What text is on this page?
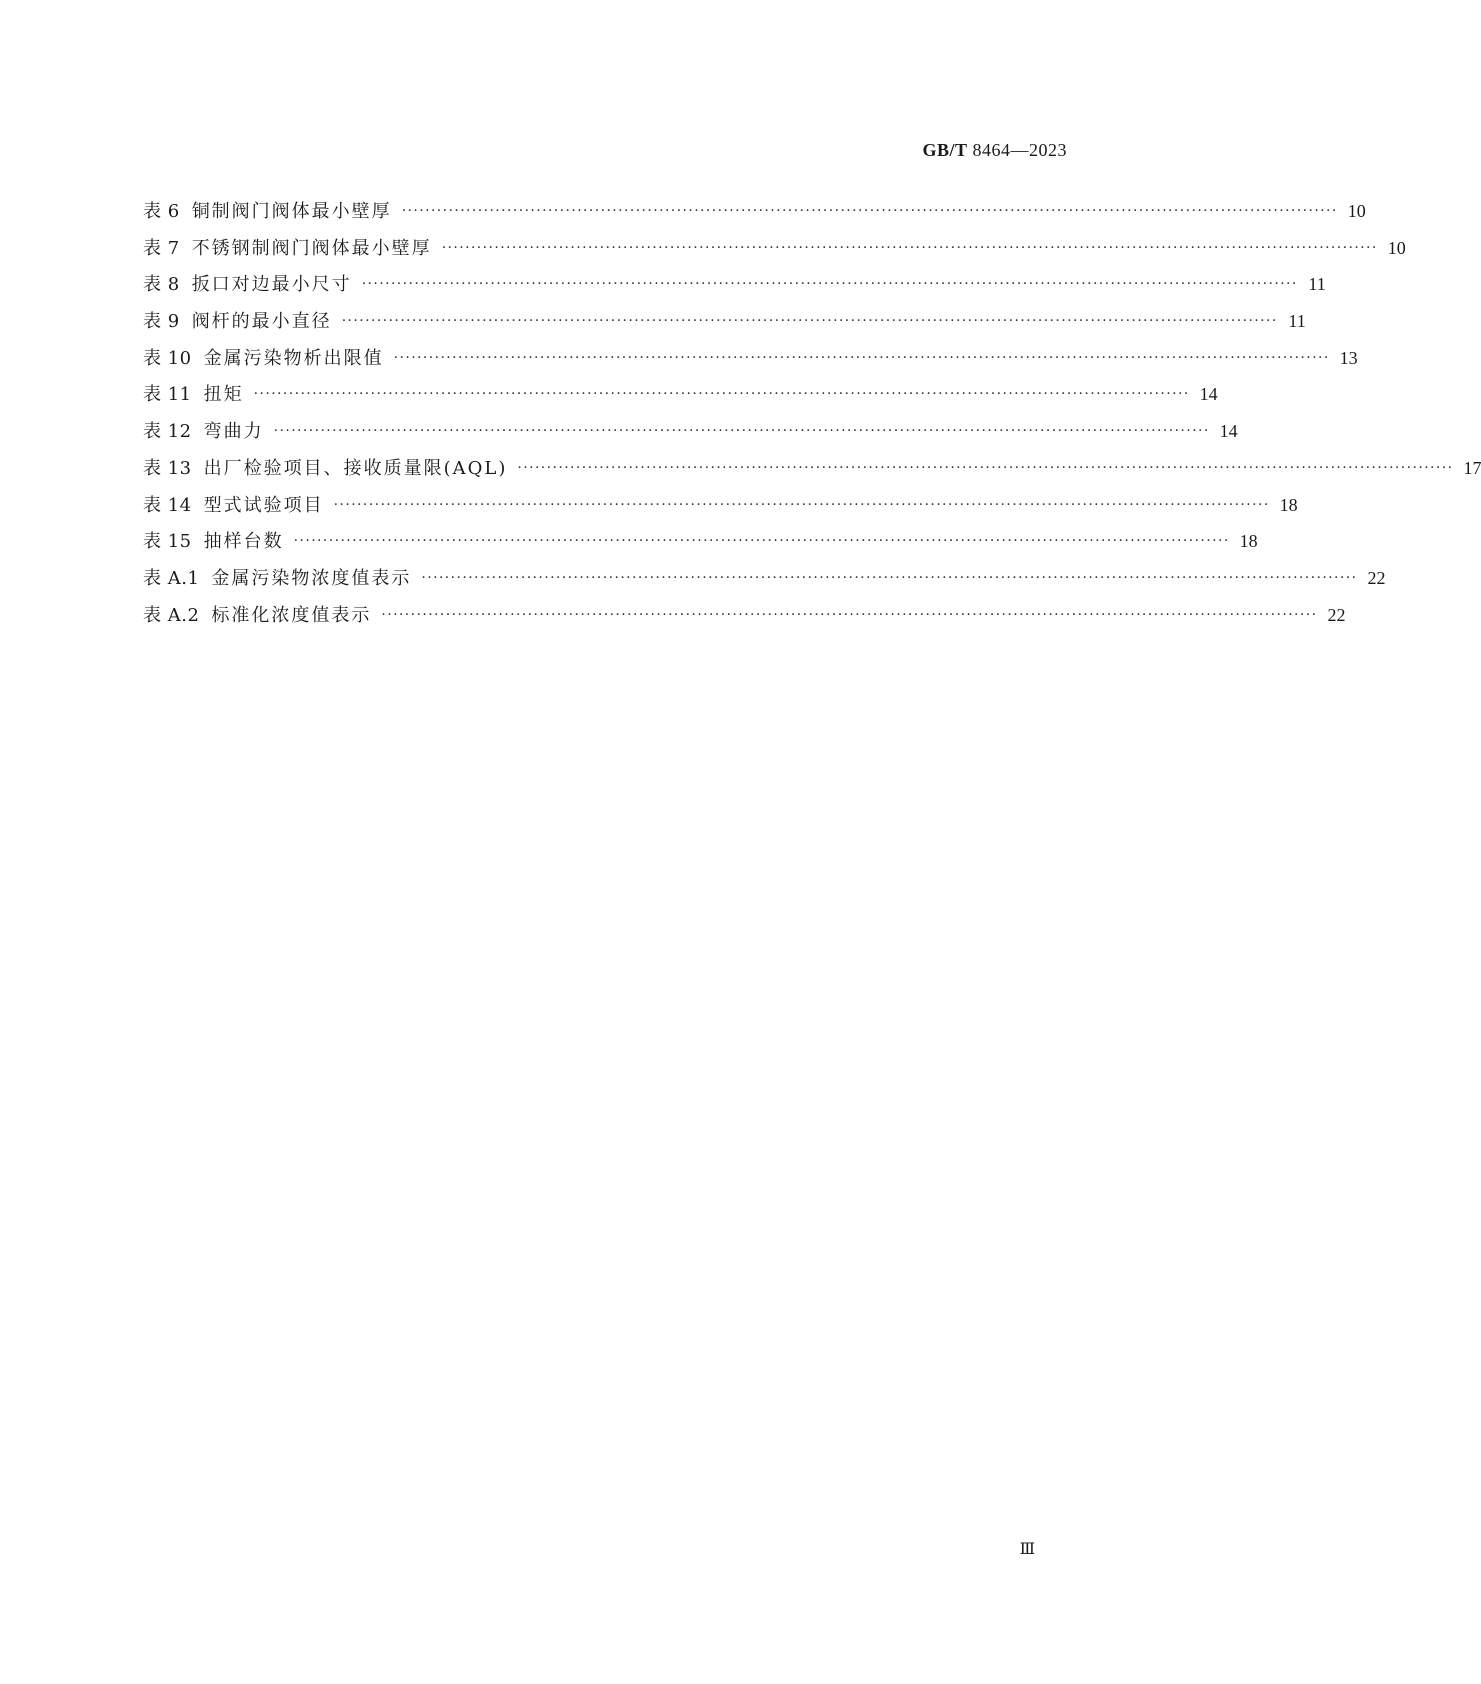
GB/T 8464—2023
表 6 铜制阀门阀体最小壁厚 ································································································································································ 10
表 7 不锈钢制阀门阀体最小壁厚 ································································································································································ 10
表 8 扳口对边最小尺寸 ································································································································································ 11
表 9 阀杆的最小直径 ································································································································································ 11
表 10 金属污染物析出限值 ································································································································································ 13
表 11 扭矩 ································································································································································ 14
表 12 弯曲力 ································································································································································ 14
表 13 出厂检验项目、接收质量限(AQL) ································································································································································ 17
表 14 型式试验项目 ································································································································································ 18
表 15 抽样台数 ································································································································································ 18
表 A.1 金属污染物浓度值表示 ································································································································································ 22
表 A.2 标准化浓度值表示 ································································································································································ 22
Ⅲ
